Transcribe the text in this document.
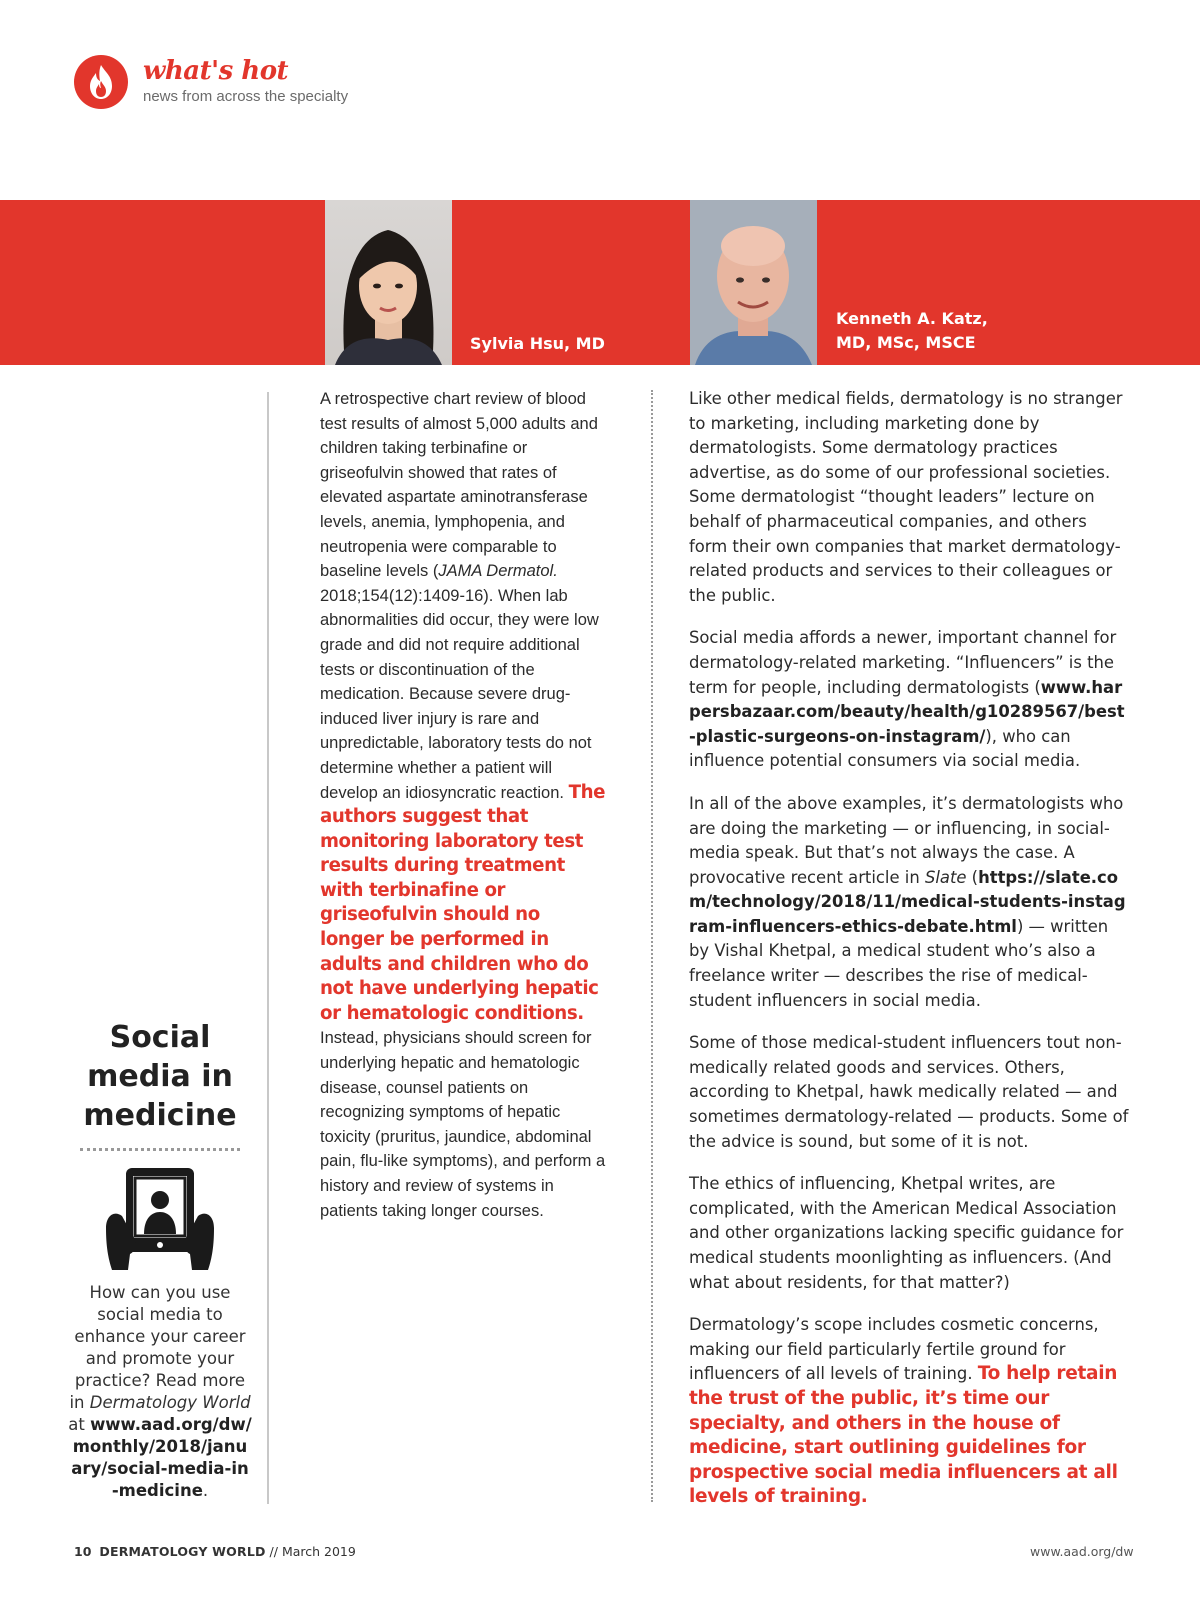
what's hot
news from across the specialty
Sylvia Hsu, MD
Kenneth A. Katz,
MD, MSc, MSCE
Social
media in
medicine
How can you use social media to enhance your career and promote your practice? Read more in Dermatology World at www.aad.org/dw/monthly/2018/january/social-media-in-medicine.
A retrospective chart review of blood test results of almost 5,000 adults and children taking terbinafine or griseofulvin showed that rates of elevated aspartate aminotransferase levels, anemia, lymphopenia, and neutropenia were comparable to baseline levels (JAMA Dermatol. 2018;154(12):1409-16). When lab abnormalities did occur, they were low grade and did not require additional tests or discontinuation of the medication. Because severe drug-induced liver injury is rare and unpredictable, laboratory tests do not determine whether a patient will develop an idiosyncratic reaction. The authors suggest that monitoring laboratory test results during treatment with terbinafine or griseofulvin should no longer be performed in adults and children who do not have underlying hepatic or hematologic conditions. Instead, physicians should screen for underlying hepatic and hematologic disease, counsel patients on recognizing symptoms of hepatic toxicity (pruritus, jaundice, abdominal pain, flu-like symptoms), and perform a history and review of systems in patients taking longer courses.

Like other medical fields, dermatology is no stranger to marketing, including marketing done by dermatologists. Some dermatology practices advertise, as do some of our professional societies. Some dermatologist “thought leaders” lecture on behalf of pharmaceutical companies, and others form their own companies that market dermatology-related products and services to their colleagues or the public.

Social media affords a newer, important channel for dermatology-related marketing. “Influencers” is the term for people, including dermatologists (www.harpersbazaar.com/beauty/health/g10289567/best-plastic-surgeons-on-instagram/), who can influence potential consumers via social media.

In all of the above examples, it’s dermatologists who are doing the marketing — or influencing, in social-media speak. But that’s not always the case. A provocative recent article in Slate (https://slate.com/technology/2018/11/medical-students-instagram-influencers-ethics-debate.html) — written by Vishal Khetpal, a medical student who’s also a freelance writer — describes the rise of medical-student influencers in social media.

Some of those medical-student influencers tout non-medically related goods and services. Others, according to Khetpal, hawk medically related — and sometimes dermatology-related — products. Some of the advice is sound, but some of it is not.

The ethics of influencing, Khetpal writes, are complicated, with the American Medical Association and other organizations lacking specific guidance for medical students moonlighting as influencers. (And what about residents, for that matter?)

Dermatology’s scope includes cosmetic concerns, making our field particularly fertile ground for influencers of all levels of training. To help retain the trust of the public, it’s time our specialty, and others in the house of medicine, start outlining guidelines for prospective social media influencers at all levels of training.

10 DERMATOLOGY WORLD // March 2019	www.aad.org/dw
